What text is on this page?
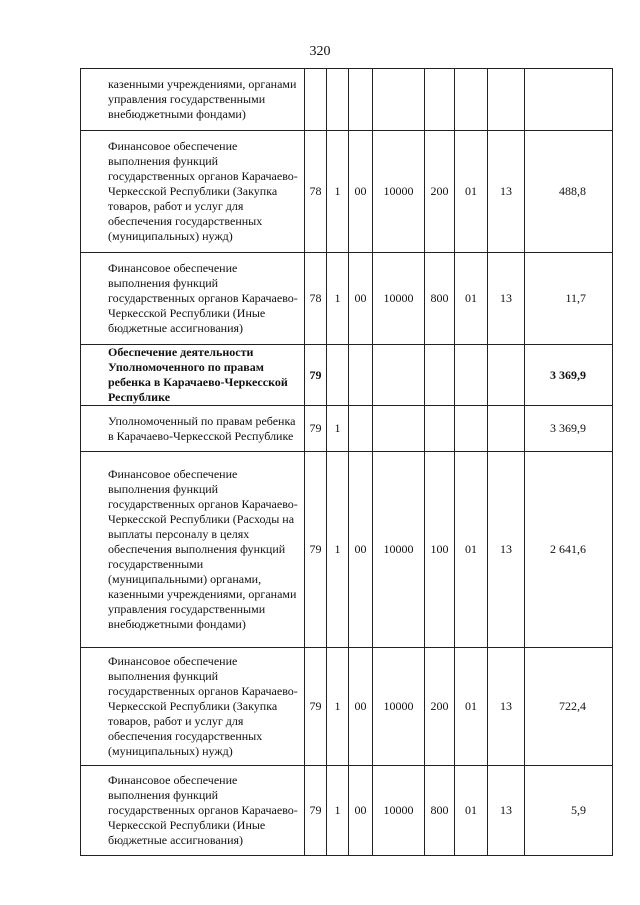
320
казенными учреждениями, органами управления государственными внебюджетными фондами)								
Финансовое обеспечение выполнения функций государственных органов Карачаево-Черкесской Республики (Закупка товаров, работ и услуг для обеспечения государственных (муниципальных) нужд)	78	1	00	10000	200	01	13	488,8
Финансовое обеспечение выполнения функций государственных органов Карачаево-Черкесской Республики (Иные бюджетные ассигнования)	78	1	00	10000	800	01	13	11,7
Обеспечение деятельности Уполномоченного по правам ребенка в Карачаево-Черкесской Республике	79							3 369,9
Уполномоченный по правам ребенка в Карачаево-Черкесской Республике	79	1						3 369,9
Финансовое обеспечение выполнения функций государственных органов Карачаево-Черкесской Республики (Расходы на выплаты персоналу в целях обеспечения выполнения функций государственными (муниципальными) органами, казенными учреждениями, органами управления государственными внебюджетными фондами)	79	1	00	10000	100	01	13	2 641,6
Финансовое обеспечение выполнения функций государственных органов Карачаево-Черкесской Республики (Закупка товаров, работ и услуг для обеспечения государственных (муниципальных) нужд)	79	1	00	10000	200	01	13	722,4
Финансовое обеспечение выполнения функций государственных органов Карачаево-Черкесской Республики (Иные бюджетные ассигнования)	79	1	00	10000	800	01	13	5,9
